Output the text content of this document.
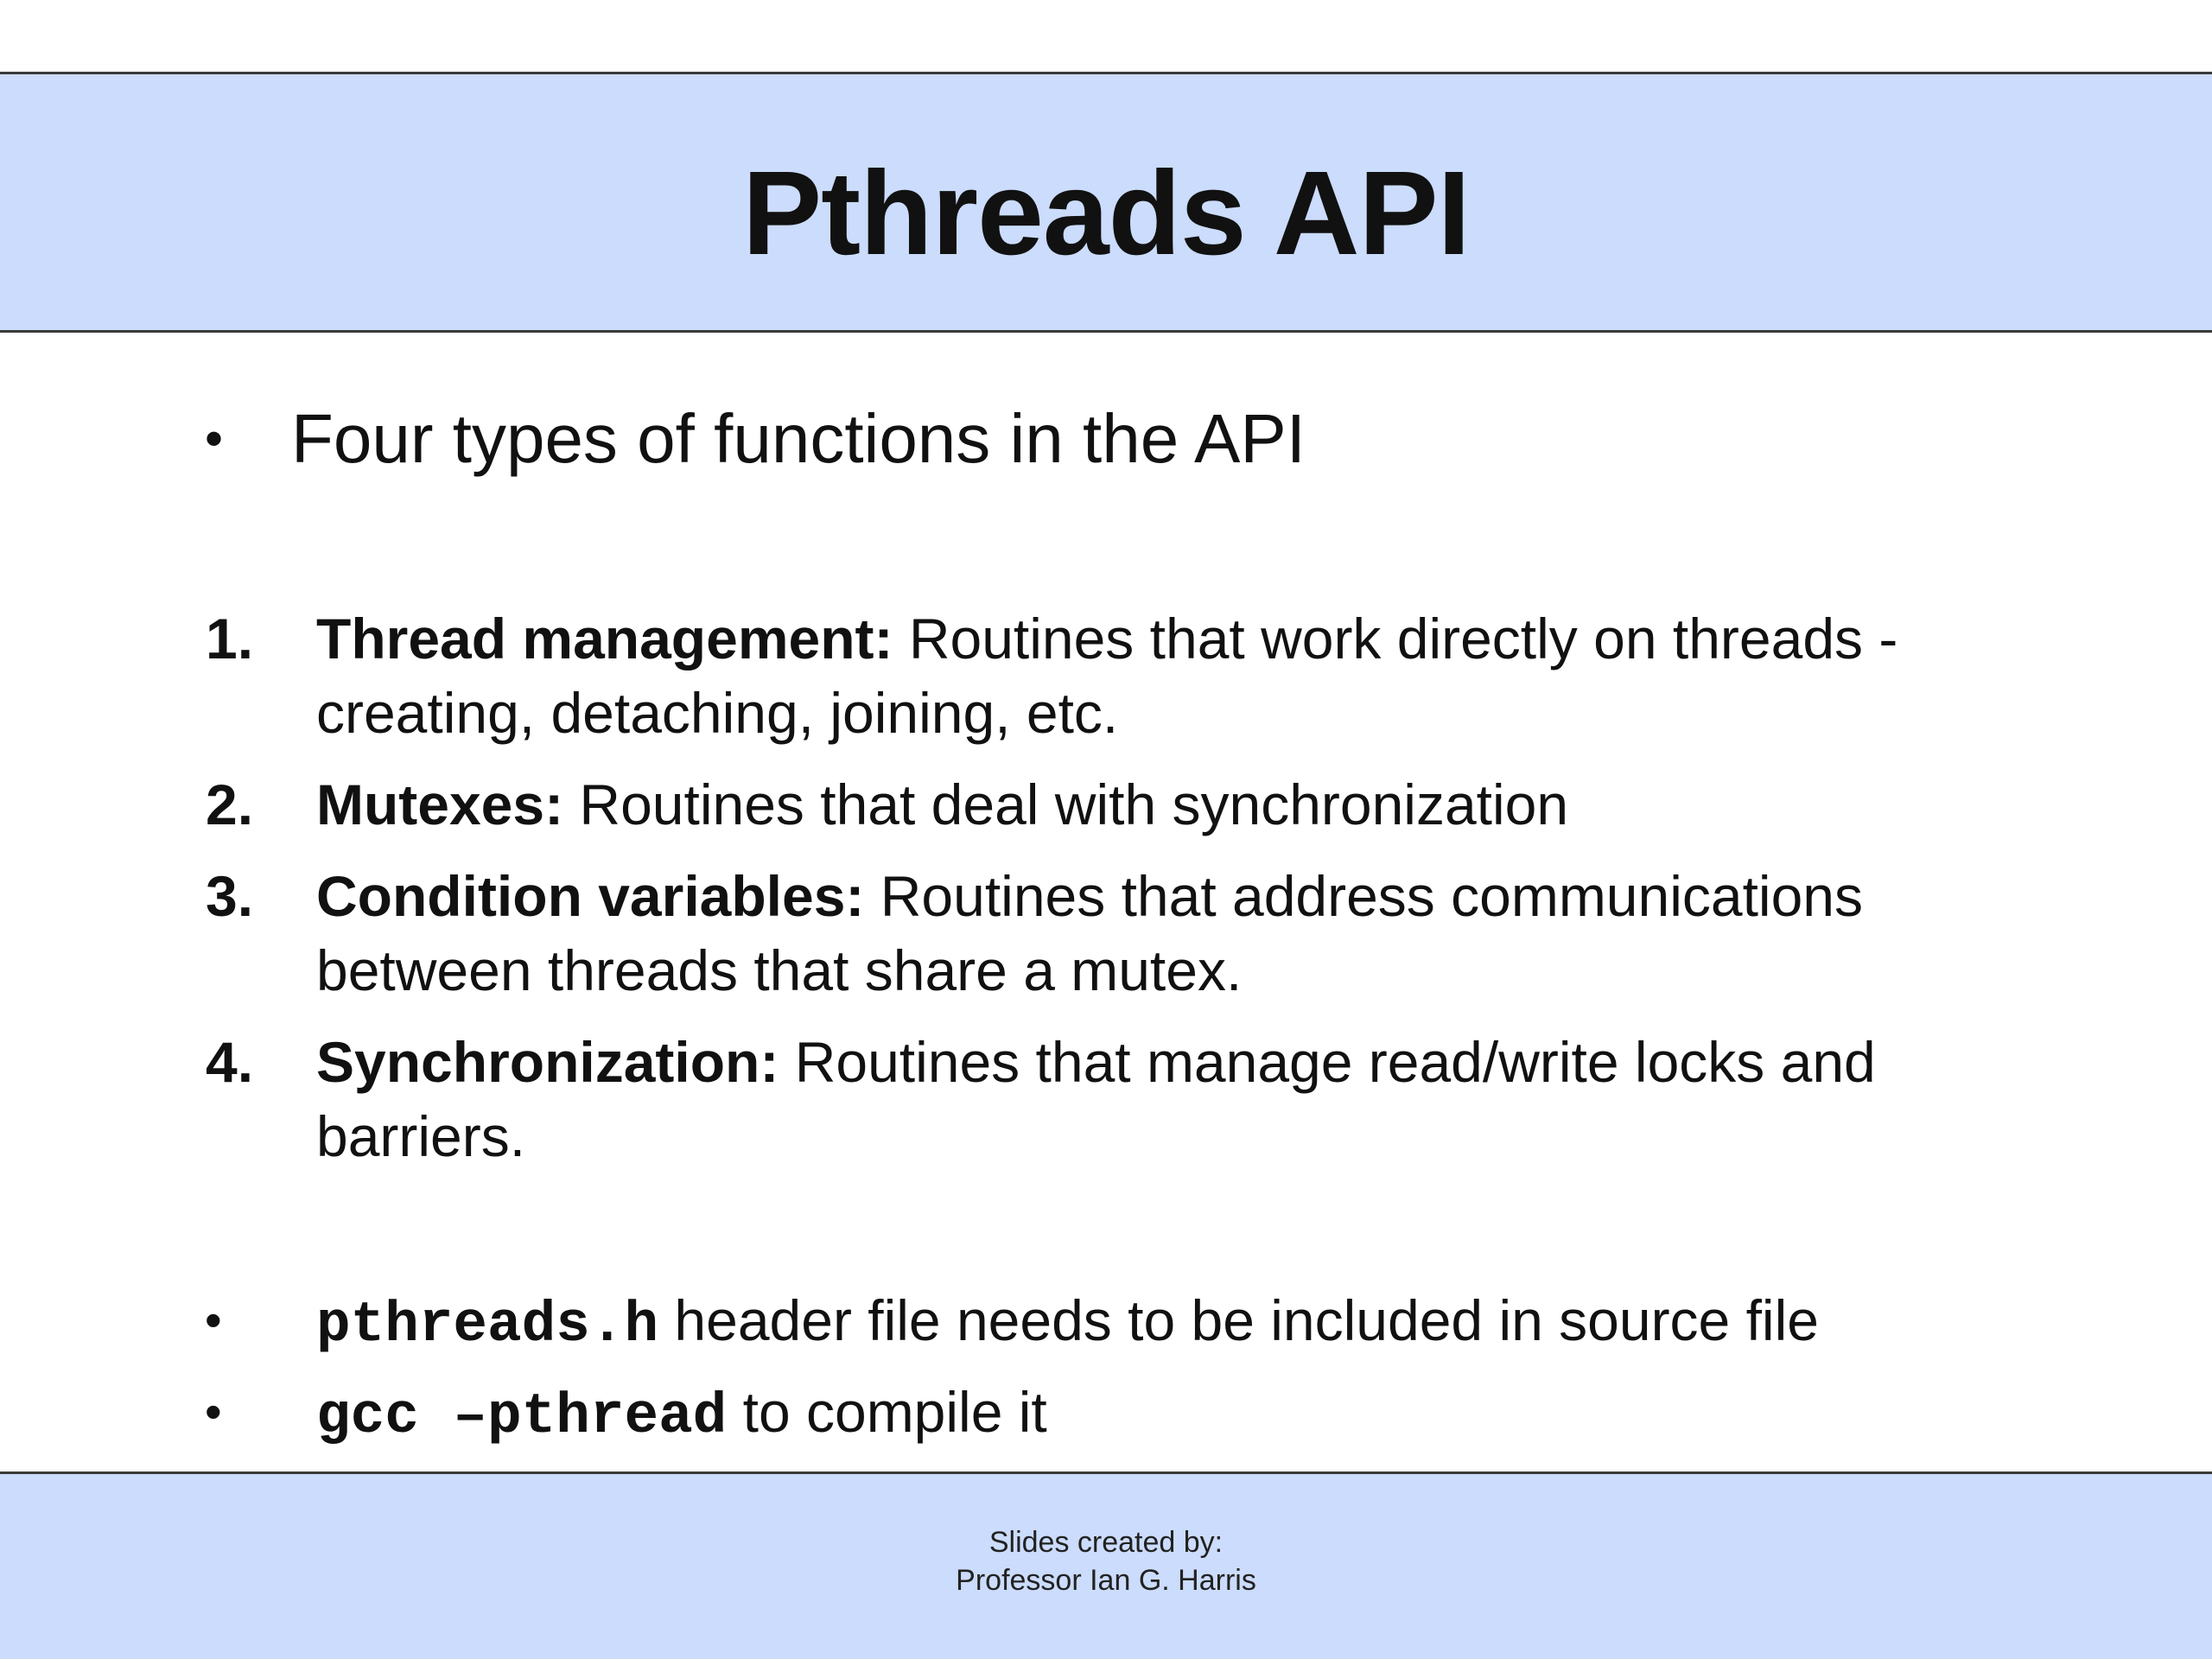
Pthreads API
• Four types of functions in the API
1. Thread management: Routines that work directly on threads - creating, detaching, joining, etc.
2. Mutexes: Routines that deal with synchronization
3. Condition variables: Routines that address communications between threads that share a mutex.
4. Synchronization: Routines that manage read/write locks and barriers.
• pthreads.h header file needs to be included in source file
• gcc –pthread to compile it
Slides created by:
Professor Ian G. Harris
